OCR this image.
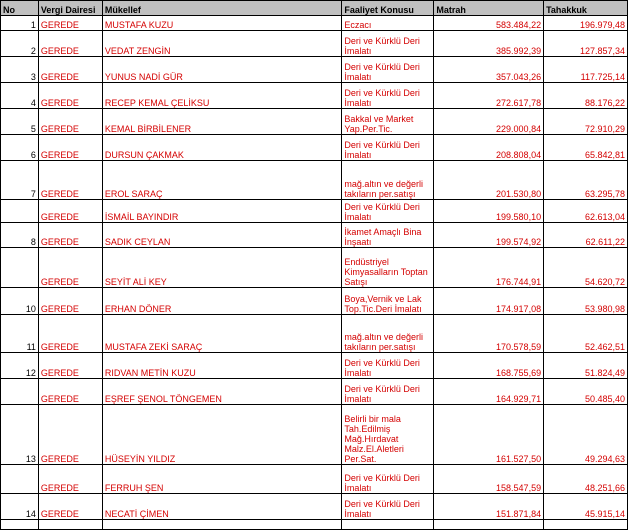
No	Vergi Dairesi	Mükellef	Faaliyet Konusu	Matrah	Tahakkuk
1	GEREDE	MUSTAFA KUZU	Eczacı	583.484,22	196.979,48
2	GEREDE	VEDAT ZENGİN	Deri ve Kürklü Deri İmalatı	385.992,39	127.857,34
3	GEREDE	YUNUS NADİ GÜR	Deri ve Kürklü Deri İmalatı	357.043,26	117.725,14
4	GEREDE	RECEP KEMAL ÇELİKSU	Deri ve Kürklü Deri İmalatı	272.617,78	88.176,22
5	GEREDE	KEMAL BİRBİLENER	Bakkal ve Market Yap.Per.Tic.	229.000,84	72.910,29
6	GEREDE	DURSUN ÇAKMAK	Deri ve Kürklü Deri İmalatı	208.808,04	65.842,81
7	GEREDE	EROL SARAÇ	mağ.altın ve değerli takıların per.satışı	201.530,80	63.295,78
	GEREDE	İSMAİL BAYINDIR	Deri ve Kürklü Deri İmalatı	199.580,10	62.613,04
8	GEREDE	SADIK CEYLAN	İkamet Amaçlı Bina İnşaatı	199.574,92	62.611,22
	GEREDE	SEYİT ALİ KEY	Endüstriyel Kimyasalların Toptan Satışı	176.744,91	54.620,72
10	GEREDE	ERHAN DÖNER	Boya,Vernik ve Lak Top.Tic.Deri İmalatı	174.917,08	53.980,98
11	GEREDE	MUSTAFA ZEKİ SARAÇ	mağ.altın ve değerli takıların per.satışı	170.578,59	52.462,51
12	GEREDE	RIDVAN METİN KUZU	Deri ve Kürklü Deri İmalatı	168.755,69	51.824,49
	GEREDE	EŞREF ŞENOL TÖNGEMEN	Deri ve Kürklü Deri İmalatı	164.929,71	50.485,40
13	GEREDE	HÜSEYİN YILDIZ	Belirli bir mala Tah.Edilmiş Mağ.Hırdavat Malz.El.Aletleri Per.Sat.	161.527,50	49.294,63
	GEREDE	FERRUH ŞEN	Deri ve Kürklü Deri İmalatı	158.547,59	48.251,66
14	GEREDE	NECATİ ÇİMEN	Deri ve Kürklü Deri İmalatı	151.871,84	45.915,14
